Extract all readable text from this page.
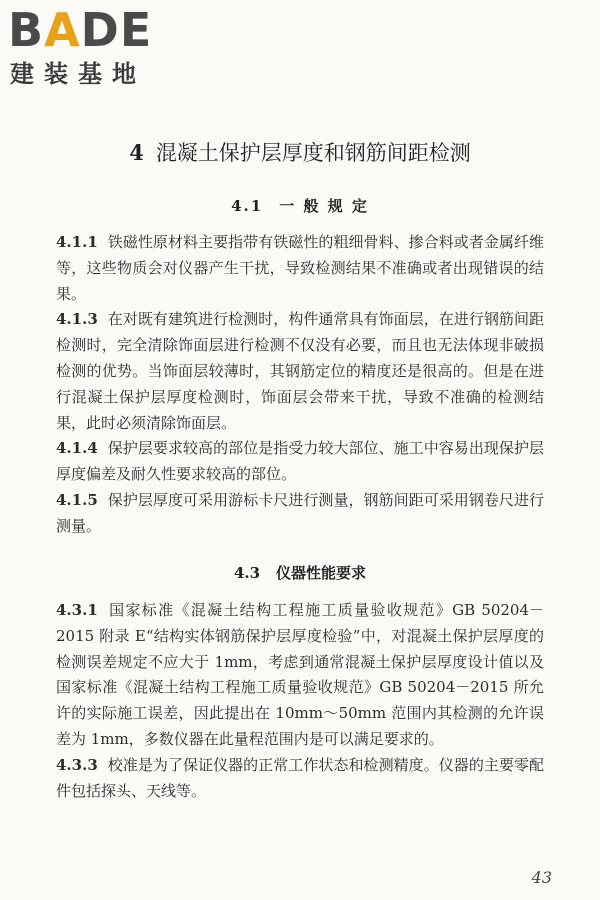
BADE
建装基地
4 混凝土保护层厚度和钢筋间距检测
4.1 一 般 规 定

4.1.1 铁磁性原材料主要指带有铁磁性的粗细骨料、掺合料或者金属纤维等，这些物质会对仪器产生干扰，导致检测结果不准确或者出现错误的结果。

4.1.3 在对既有建筑进行检测时，构件通常具有饰面层，在进行钢筋间距检测时，完全清除饰面层进行检测不仅没有必要，而且也无法体现非破损检测的优势。当饰面层较薄时，其钢筋定位的精度还是很高的。但是在进行混凝土保护层厚度检测时，饰面层会带来干扰，导致不准确的检测结果，此时必须清除饰面层。

4.1.4 保护层要求较高的部位是指受力较大部位、施工中容易出现保护层厚度偏差及耐久性要求较高的部位。

4.1.5 保护层厚度可采用游标卡尺进行测量，钢筋间距可采用钢卷尺进行测量。

4.3 仪器性能要求

4.3.1 国家标准《混凝土结构工程施工质量验收规范》GB 50204－2015 附录 E“结构实体钢筋保护层厚度检验”中，对混凝土保护层厚度的检测误差规定不应大于 1mm，考虑到通常混凝土保护层厚度设计值以及国家标准《混凝土结构工程施工质量验收规范》GB 50204－2015 所允许的实际施工误差，因此提出在 10mm～50mm 范围内其检测的允许误差为 1mm，多数仪器在此量程范围内是可以满足要求的。

4.3.3 校准是为了保证仪器的正常工作状态和检测精度。仪器的主要零配件包括探头、天线等。

43
